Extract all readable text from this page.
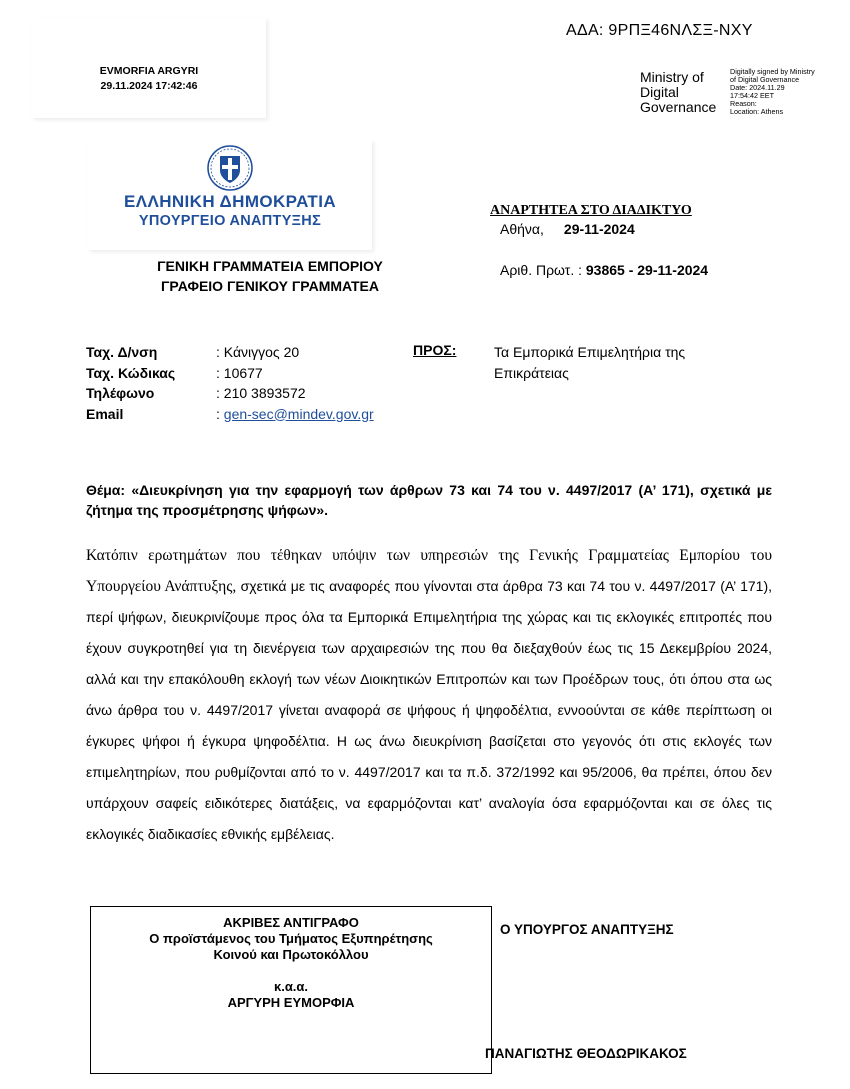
EVMORFIA ARGYRI
29.11.2024 17:42:46
ΑΔΑ: 9ΡΠΞ46ΝΛΣΞ-ΝΧΥ
Ministry of
Digital
Governance
Digitally signed by Ministry
of Digital Governance
Date: 2024.11.29
17:54:42 EET
Reason:
Location: Athens
ΕΛΛΗΝΙΚΗ ΔΗΜΟΚΡΑΤΙΑ
ΥΠΟΥΡΓΕΙΟ ΑΝΑΠΤΥΞΗΣ
ΓΕΝΙΚΗ ΓΡΑΜΜΑΤΕΙΑ ΕΜΠΟΡΙΟΥ
ΓΡΑΦΕΙΟ ΓΕΝΙΚΟΥ ΓΡΑΜΜΑΤΕΑ
ΑΝΑΡΤΗΤΕΑ ΣΤΟ ΔΙΑΔΙΚΤΥΟ
Αθήνα, 29-11-2024
Αριθ. Πρωτ. : 93865 - 29-11-2024
Ταχ. Δ/νση	: Κάνιγγος 20
Ταχ. Κώδικας	: 10677
Τηλέφωνο	: 210 3893572
Email	: gen-sec@mindev.gov.gr
ΠΡΟΣ:	Τα Εμπορικά Επιμελητήρια της
Επικράτειας
Θέμα: «Διευκρίνηση για την εφαρμογή των άρθρων 73 και 74 του ν. 4497/2017 (Α’ 171), σχετικά με ζήτημα της προσμέτρησης ψήφων».
Κατόπιν ερωτημάτων που τέθηκαν υπόψιν των υπηρεσιών της Γενικής Γραμματείας Εμπορίου του Υπουργείου Ανάπτυξης, σχετικά με τις αναφορές που γίνονται στα άρθρα 73 και 74 του ν. 4497/2017 (Α’ 171), περί ψήφων, διευκρινίζουμε προς όλα τα Εμπορικά Επιμελητήρια της χώρας και τις εκλογικές επιτροπές που έχουν συγκροτηθεί για τη διενέργεια των αρχαιρεσιών της που θα διεξαχθούν έως τις 15 Δεκεμβρίου 2024, αλλά και την επακόλουθη εκλογή των νέων Διοικητικών Επιτροπών και των Προέδρων τους, ότι όπου στα ως άνω άρθρα του ν. 4497/2017 γίνεται αναφορά σε ψήφους ή ψηφοδέλτια, εννοούνται σε κάθε περίπτωση οι έγκυρες ψήφοι ή έγκυρα ψηφοδέλτια. Η ως άνω διευκρίνιση βασίζεται στο γεγονός ότι στις εκλογές των επιμελητηρίων, που ρυθμίζονται από το ν. 4497/2017 και τα π.δ. 372/1992 και 95/2006, θα πρέπει, όπου δεν υπάρχουν σαφείς ειδικότερες διατάξεις, να εφαρμόζονται κατ’ αναλογία όσα εφαρμόζονται και σε όλες τις εκλογικές διαδικασίες εθνικής εμβέλειας.
ΑΚΡΙΒΕΣ ΑΝΤΙΓΡΑΦΟ
Ο προϊστάμενος του Τμήματος Εξυπηρέτησης
Κοινού και Πρωτοκόλλου
κ.α.α.
ΑΡΓΥΡΗ ΕΥΜΟΡΦΙΑ
Ο ΥΠΟΥΡΓΟΣ ΑΝΑΠΤΥΞΗΣ
ΠΑΝΑΓΙΩΤΗΣ ΘΕΟΔΩΡΙΚΑΚΟΣ
